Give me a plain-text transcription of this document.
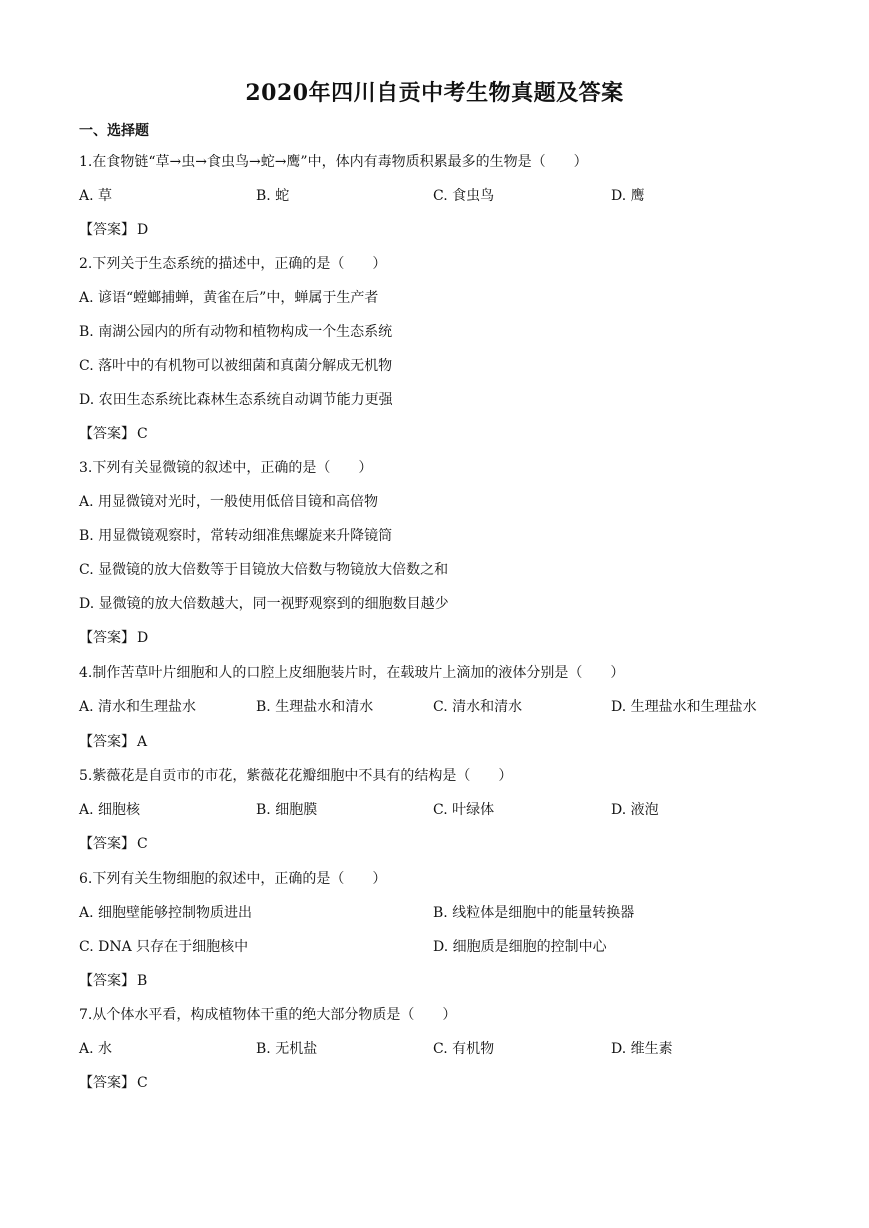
2020年四川自贡中考生物真题及答案
一、选择题
1.在食物链“草→虫→食虫鸟→蛇→鹰”中，体内有毒物质积累最多的生物是（　　）
A. 草	B. 蛇	C. 食虫鸟	D. 鹰
【答案】 D
2.下列关于生态系统的描述中，正确的是（　　）
A. 谚语“螳螂捕蝉，黄雀在后”中，蝉属于生产者
B. 南湖公园内的所有动物和植物构成一个生态系统
C. 落叶中的有机物可以被细菌和真菌分解成无机物
D. 农田生态系统比森林生态系统自动调节能力更强
【答案】 C
3.下列有关显微镜的叙述中，正确的是（　　）
A. 用显微镜对光时，一般使用低倍目镜和高倍物
B. 用显微镜观察时，常转动细准焦螺旋来升降镜筒
C. 显微镜的放大倍数等于目镜放大倍数与物镜放大倍数之和
D. 显微镜的放大倍数越大，同一视野观察到的细胞数目越少
【答案】 D
4.制作苦草叶片细胞和人的口腔上皮细胞装片时，在载玻片上滴加的液体分别是（　　）
A. 清水和生理盐水	B. 生理盐水和清水	C. 清水和清水	D. 生理盐水和生理盐水
【答案】 A
5.紫薇花是自贡市的市花，紫薇花花瓣细胞中不具有的结构是（　　）
A. 细胞核	B. 细胞膜	C. 叶绿体	D. 液泡
【答案】 C
6.下列有关生物细胞的叙述中，正确的是（　　）
A. 细胞壁能够控制物质进出	B. 线粒体是细胞中的能量转换器
C. DNA 只存在于细胞核中	D. 细胞质是细胞的控制中心
【答案】 B
7.从个体水平看，构成植物体干重的绝大部分物质是（　　）
A. 水	B. 无机盐	C. 有机物	D. 维生素
【答案】 C
